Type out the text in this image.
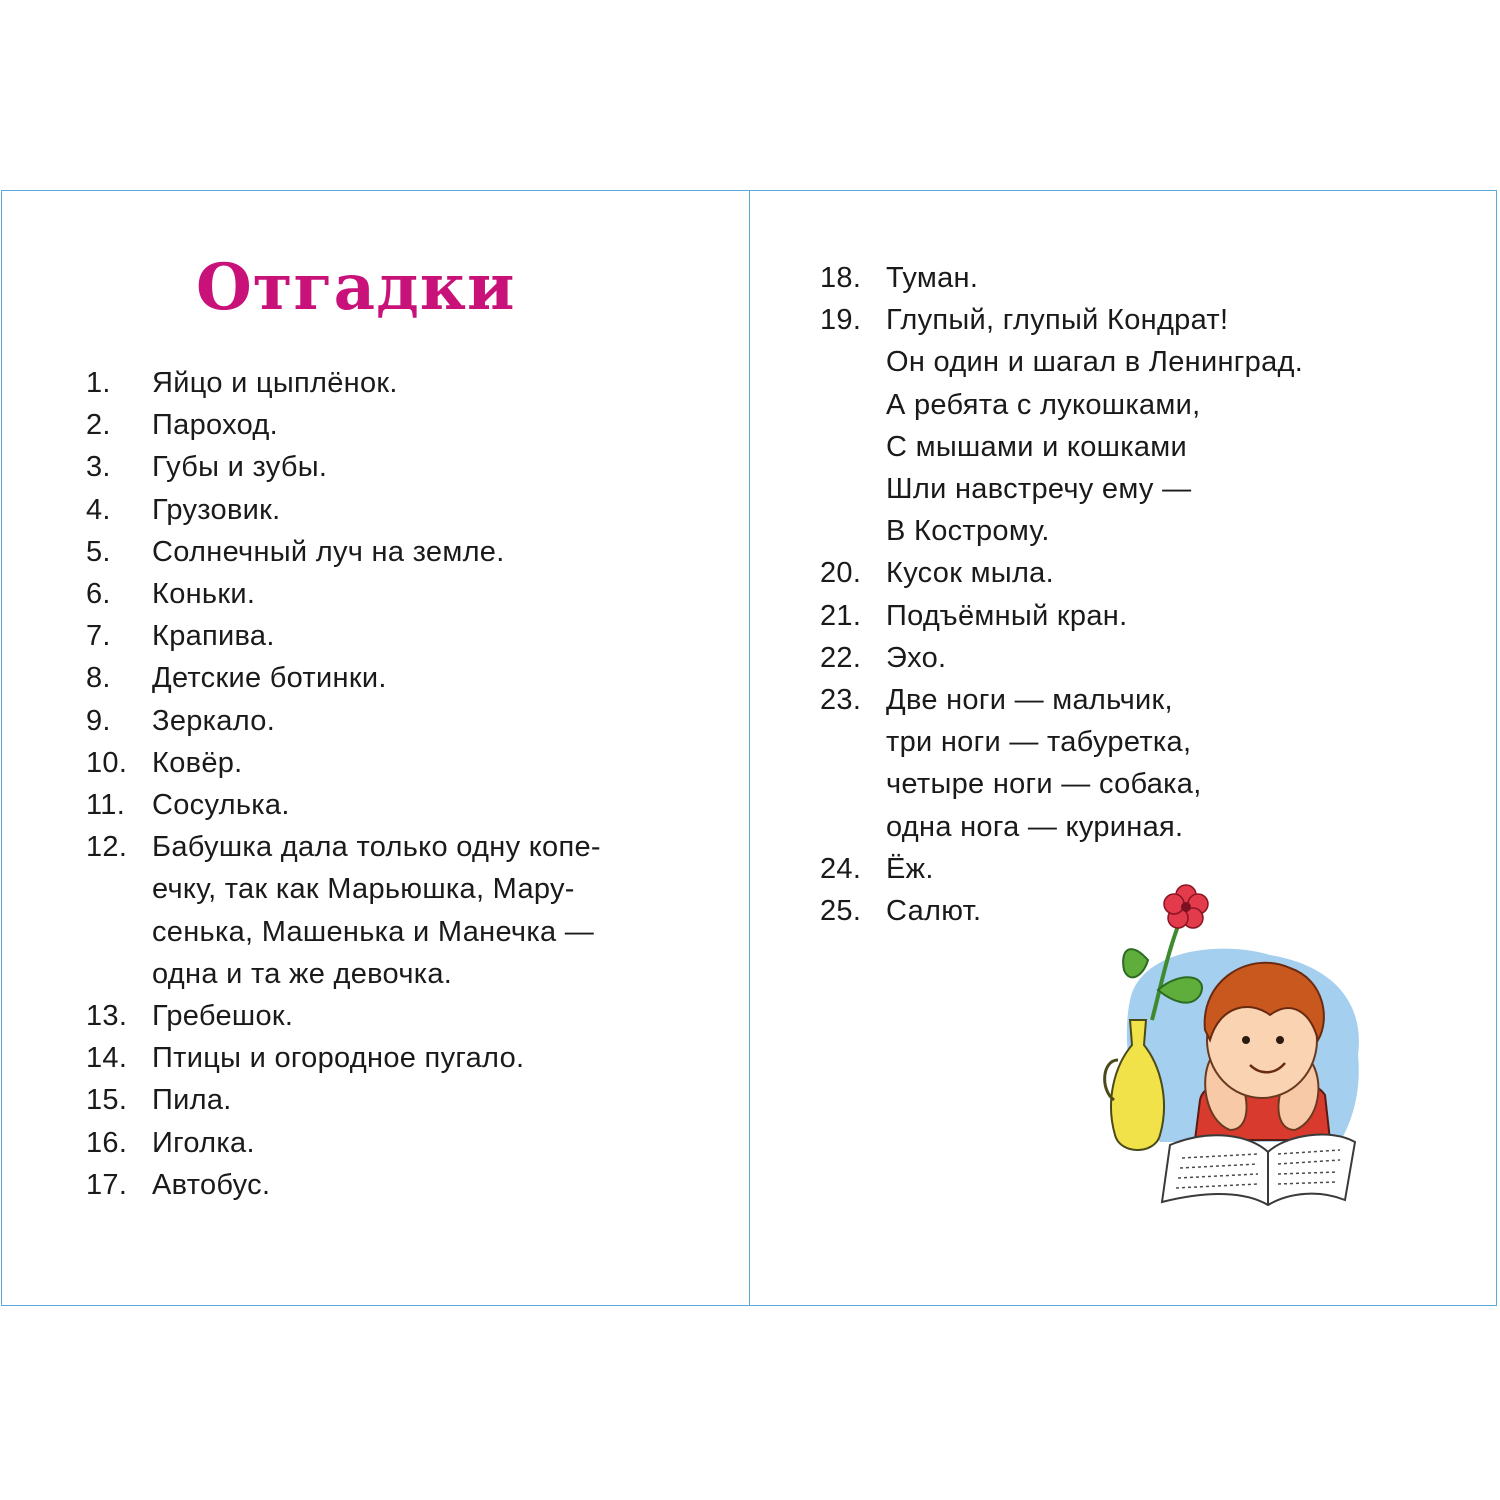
Отгадки
1.	Яйцо и цыплёнок.
2.	Пароход.
3.	Губы и зубы.
4.	Грузовик.
5.	Солнечный луч на земле.
6.	Коньки.
7.	Крапива.
8.	Детские ботинки.
9.	Зеркало.
10. Ковёр.
11. Сосулька.
12. Бабушка дала только одну копе-
ечку, так как Марьюшка, Мару-
сенька, Машенька и Манечка —
одна и та же девочка.
13. Гребешок.
14. Птицы и огородное пугало.
15. Пила.
16. Иголка.
17. Автобус.
18. Туман.
19. Глупый, глупый Кондрат!
Он один и шагал в Ленинград.
А ребята с лукошками,
С мышами и кошками
Шли навстречу ему —
В Кострому.
20. Кусок мыла.
21. Подъёмный кран.
22. Эхо.
23. Две ноги — мальчик,
три ноги — табуретка,
четыре ноги — собака,
одна нога — куриная.
24. Ёж.
25. Салют.
